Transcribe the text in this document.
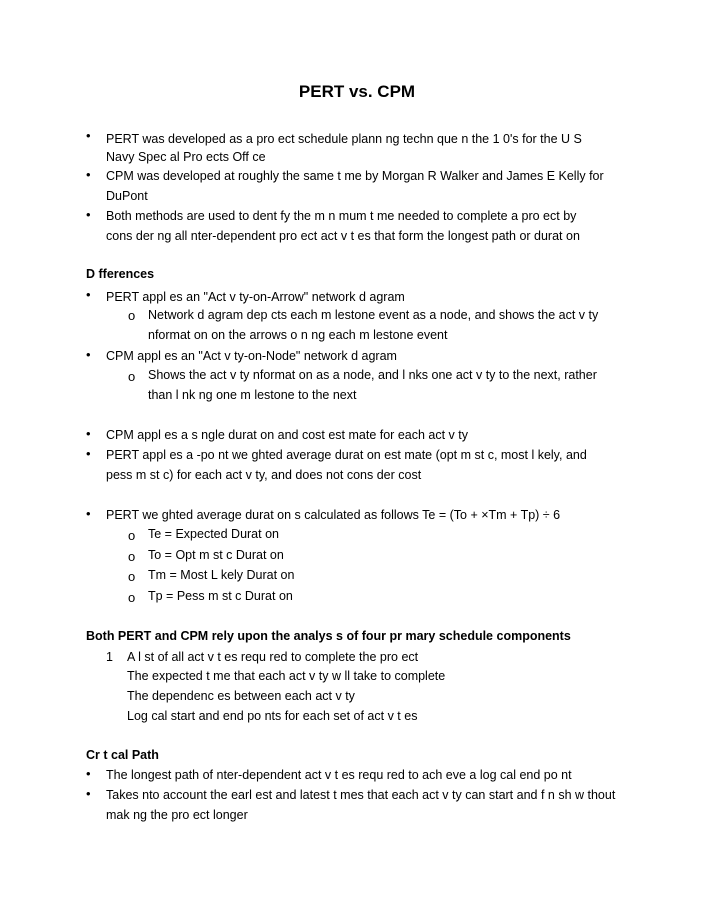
PERT vs. CPM
• PERT was developed as a pro ect schedule plann ng techn que n the 1 0's for the U S
Navy Spec al Pro ects Off ce
• CPM was developed at roughly the same t me by Morgan R Walker and James E Kelly for
DuPont
• Both methods are used to dent fy the m n mum t me needed to complete a pro ect by
cons der ng all nter-dependent pro ect act v t es that form the longest path or durat on
D fferences
• PERT appl es an "Act v ty-on-Arrow" network d agram
o Network d agram dep cts each m lestone event as a node, and shows the act v ty
nformat on on the arrows o n ng each m lestone event
• CPM appl es an "Act v ty-on-Node" network d agram
o Shows the act v ty nformat on as a node, and l nks one act v ty to the next, rather
than l nk ng one m lestone to the next
• CPM appl es a s ngle durat on and cost est mate for each act v ty
• PERT appl es a -po nt we ghted average durat on est mate (opt m st c, most l kely, and
pess m st c) for each act v ty, and does not cons der cost
• PERT we ghted average durat on s calculated as follows Te = (To + ×Tm + Tp) ÷ 6
o Te = Expected Durat on
o To = Opt m st c Durat on
o Tm = Most L kely Durat on
o Tp = Pess m st c Durat on
Both PERT and CPM rely upon the analys s of four pr mary schedule components
1 A l st of all act v t es requ red to complete the pro ect
The expected t me that each act v ty w ll take to complete
The dependenc es between each act v ty
Log cal start and end po nts for each set of act v t es
Cr t cal Path
• The longest path of nter-dependent act v t es requ red to ach eve a log cal end po nt
• Takes nto account the earl est and latest t mes that each act v ty can start and f n sh w thout
mak ng the pro ect longer
